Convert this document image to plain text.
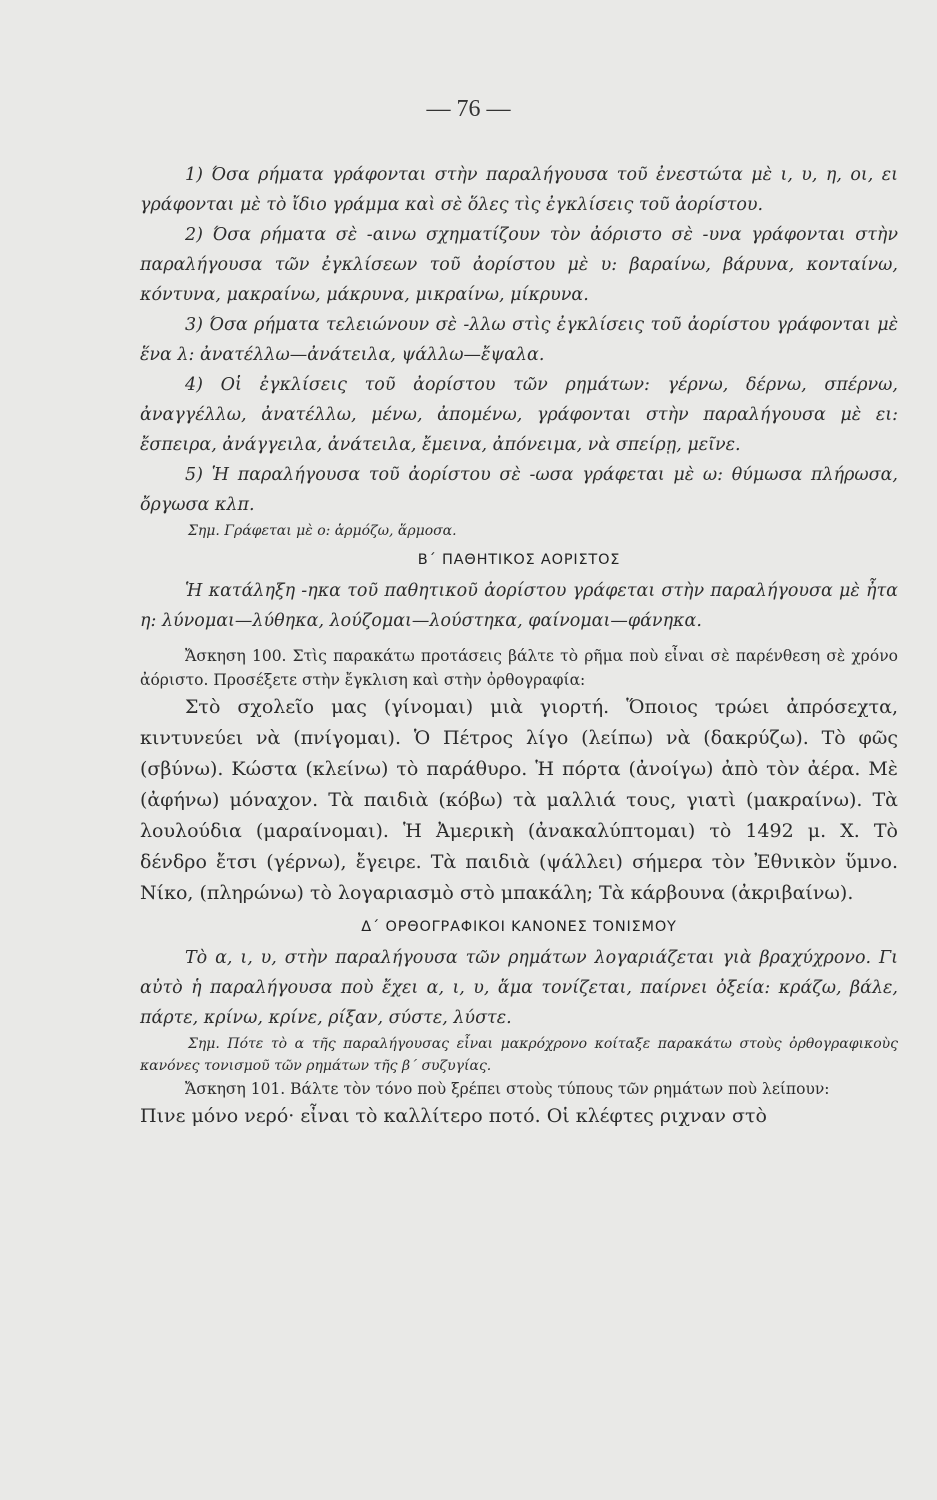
— 76 —

1) Όσα ρήματα γράφονται στὴν παραλήγουσα τοῦ ἐνεστώτα μὲ ι, υ, η, οι, ει γράφονται μὲ τὸ ἴδιο γράμμα καὶ σὲ ὅλες τὶς ἐγκλίσεις τοῦ ἀορίστου.

2) Όσα ρήματα σὲ -αινω σχηματίζουν τὸν ἀόριστο σὲ -υνα γράφονται στὴν παραλήγουσα τῶν ἐγκλίσεων τοῦ ἀορίστου μὲ υ: βαραίνω, βάρυνα, κονταίνω, κόντυνα, μακραίνω, μάκρυνα, μικραίνω, μίκρυνα.

3) Όσα ρήματα τελειώνουν σὲ -λλω στὶς ἐγκλίσεις τοῦ ἀορίστου γράφονται μὲ ἕνα λ: ἀνατέλλω—ἀνάτειλα, ψάλλω—ἔψαλα.

4) Οἱ ἐγκλίσεις τοῦ ἀορίστου τῶν ρημάτων: γέρνω, δέρνω, σπέρνω, ἀναγγέλλω, ἀνατέλλω, μένω, ἀπομένω, γράφονται στὴν παραλήγουσα μὲ ει: ἔσπειρα, ἀνάγγειλα, ἀνάτειλα, ἔμεινα, ἀπόνειμα, νὰ σπείρῃ, μεῖνε.

5) Ἡ παραλήγουσα τοῦ ἀορίστου σὲ -ωσα γράφεται μὲ ω: θύμωσα πλήρωσα, ὄργωσα κλπ.

Σημ. Γράφεται μὲ ο: ἁρμόζω, ἅρμοσα.

Β΄ ΠΑΘΗΤΙΚΟΣ ΑΟΡΙΣΤΟΣ

Ἡ κατάληξη -ηκα τοῦ παθητικοῦ ἀορίστου γράφεται στὴν παραλήγουσα μὲ ἦτα η: λύνομαι—λύθηκα, λούζομαι—λούστηκα, φαίνομαι—φάνηκα.

Ἄσκηση 100. Στὶς παρακάτω προτάσεις βάλτε τὸ ρῆμα ποὺ εἶναι σὲ παρένθεση σὲ χρόνο ἀόριστο. Προσέξετε στὴν ἔγκλιση καὶ στὴν ὀρθογραφία:

Στὸ σχολεῖο μας (γίνομαι) μιὰ γιορτή. Ὅποιος τρώει ἀπρόσεχτα, κιντυνεύει νὰ (πνίγομαι). Ὁ Πέτρος λίγο (λείπω) νὰ (δακρύζω). Τὸ φῶς (σβύνω). Κώστα (κλείνω) τὸ παράθυρο. Ἡ πόρτα (ἀνοίγω) ἀπὸ τὸν ἀέρα. Μὲ (ἀφήνω) μόναχον. Τὰ παιδιὰ (κόβω) τὰ μαλλιά τους, γιατὶ (μακραίνω). Τὰ λουλούδια (μαραίνομαι). Ἡ Ἀμερικὴ (ἀνακαλύπτομαι) τὸ 1492 μ. Χ. Τὸ δένδρο ἔτσι (γέρνω), ἔγειρε. Τὰ παιδιὰ (ψάλλει) σήμερα τὸν Ἐθνικὸν ὕμνο. Νίκο, (πληρώνω) τὸ λογαριασμὸ στὸ μπακάλη; Τὰ κάρβουνα (ἀκριβαίνω).

Δ΄ ΟΡΘΟΓΡΑΦΙΚΟΙ ΚΑΝΟΝΕΣ ΤΟΝΙΣΜΟΥ

Τὸ α, ι, υ, στὴν παραλήγουσα τῶν ρημάτων λογαριάζεται γιὰ βραχύχρονο. Γι αὐτὸ ἡ παραλήγουσα ποὺ ἔχει α, ι, υ, ἅμα τονίζεται, παίρνει ὀξεία: κράζω, βάλε, πάρτε, κρίνω, κρίνε, ρίξαν, σύστε, λύστε.

Σημ. Πότε τὸ α τῆς παραλήγουσας εἶναι μακρόχρονο κοίταξε παρακάτω στοὺς ὀρθογραφικοὺς κανόνες τονισμοῦ τῶν ρημάτων τῆς β΄ συζυγίας.

Ἄσκηση 101. Βάλτε τὸν τόνο ποὺ ξρέπει στοὺς τύπους τῶν ρημάτων ποὺ λείπουν:

Πινε μόνο νερό· εἶναι τὸ καλλίτερο ποτό. Οἱ κλέφτες ριχναν στὸ
